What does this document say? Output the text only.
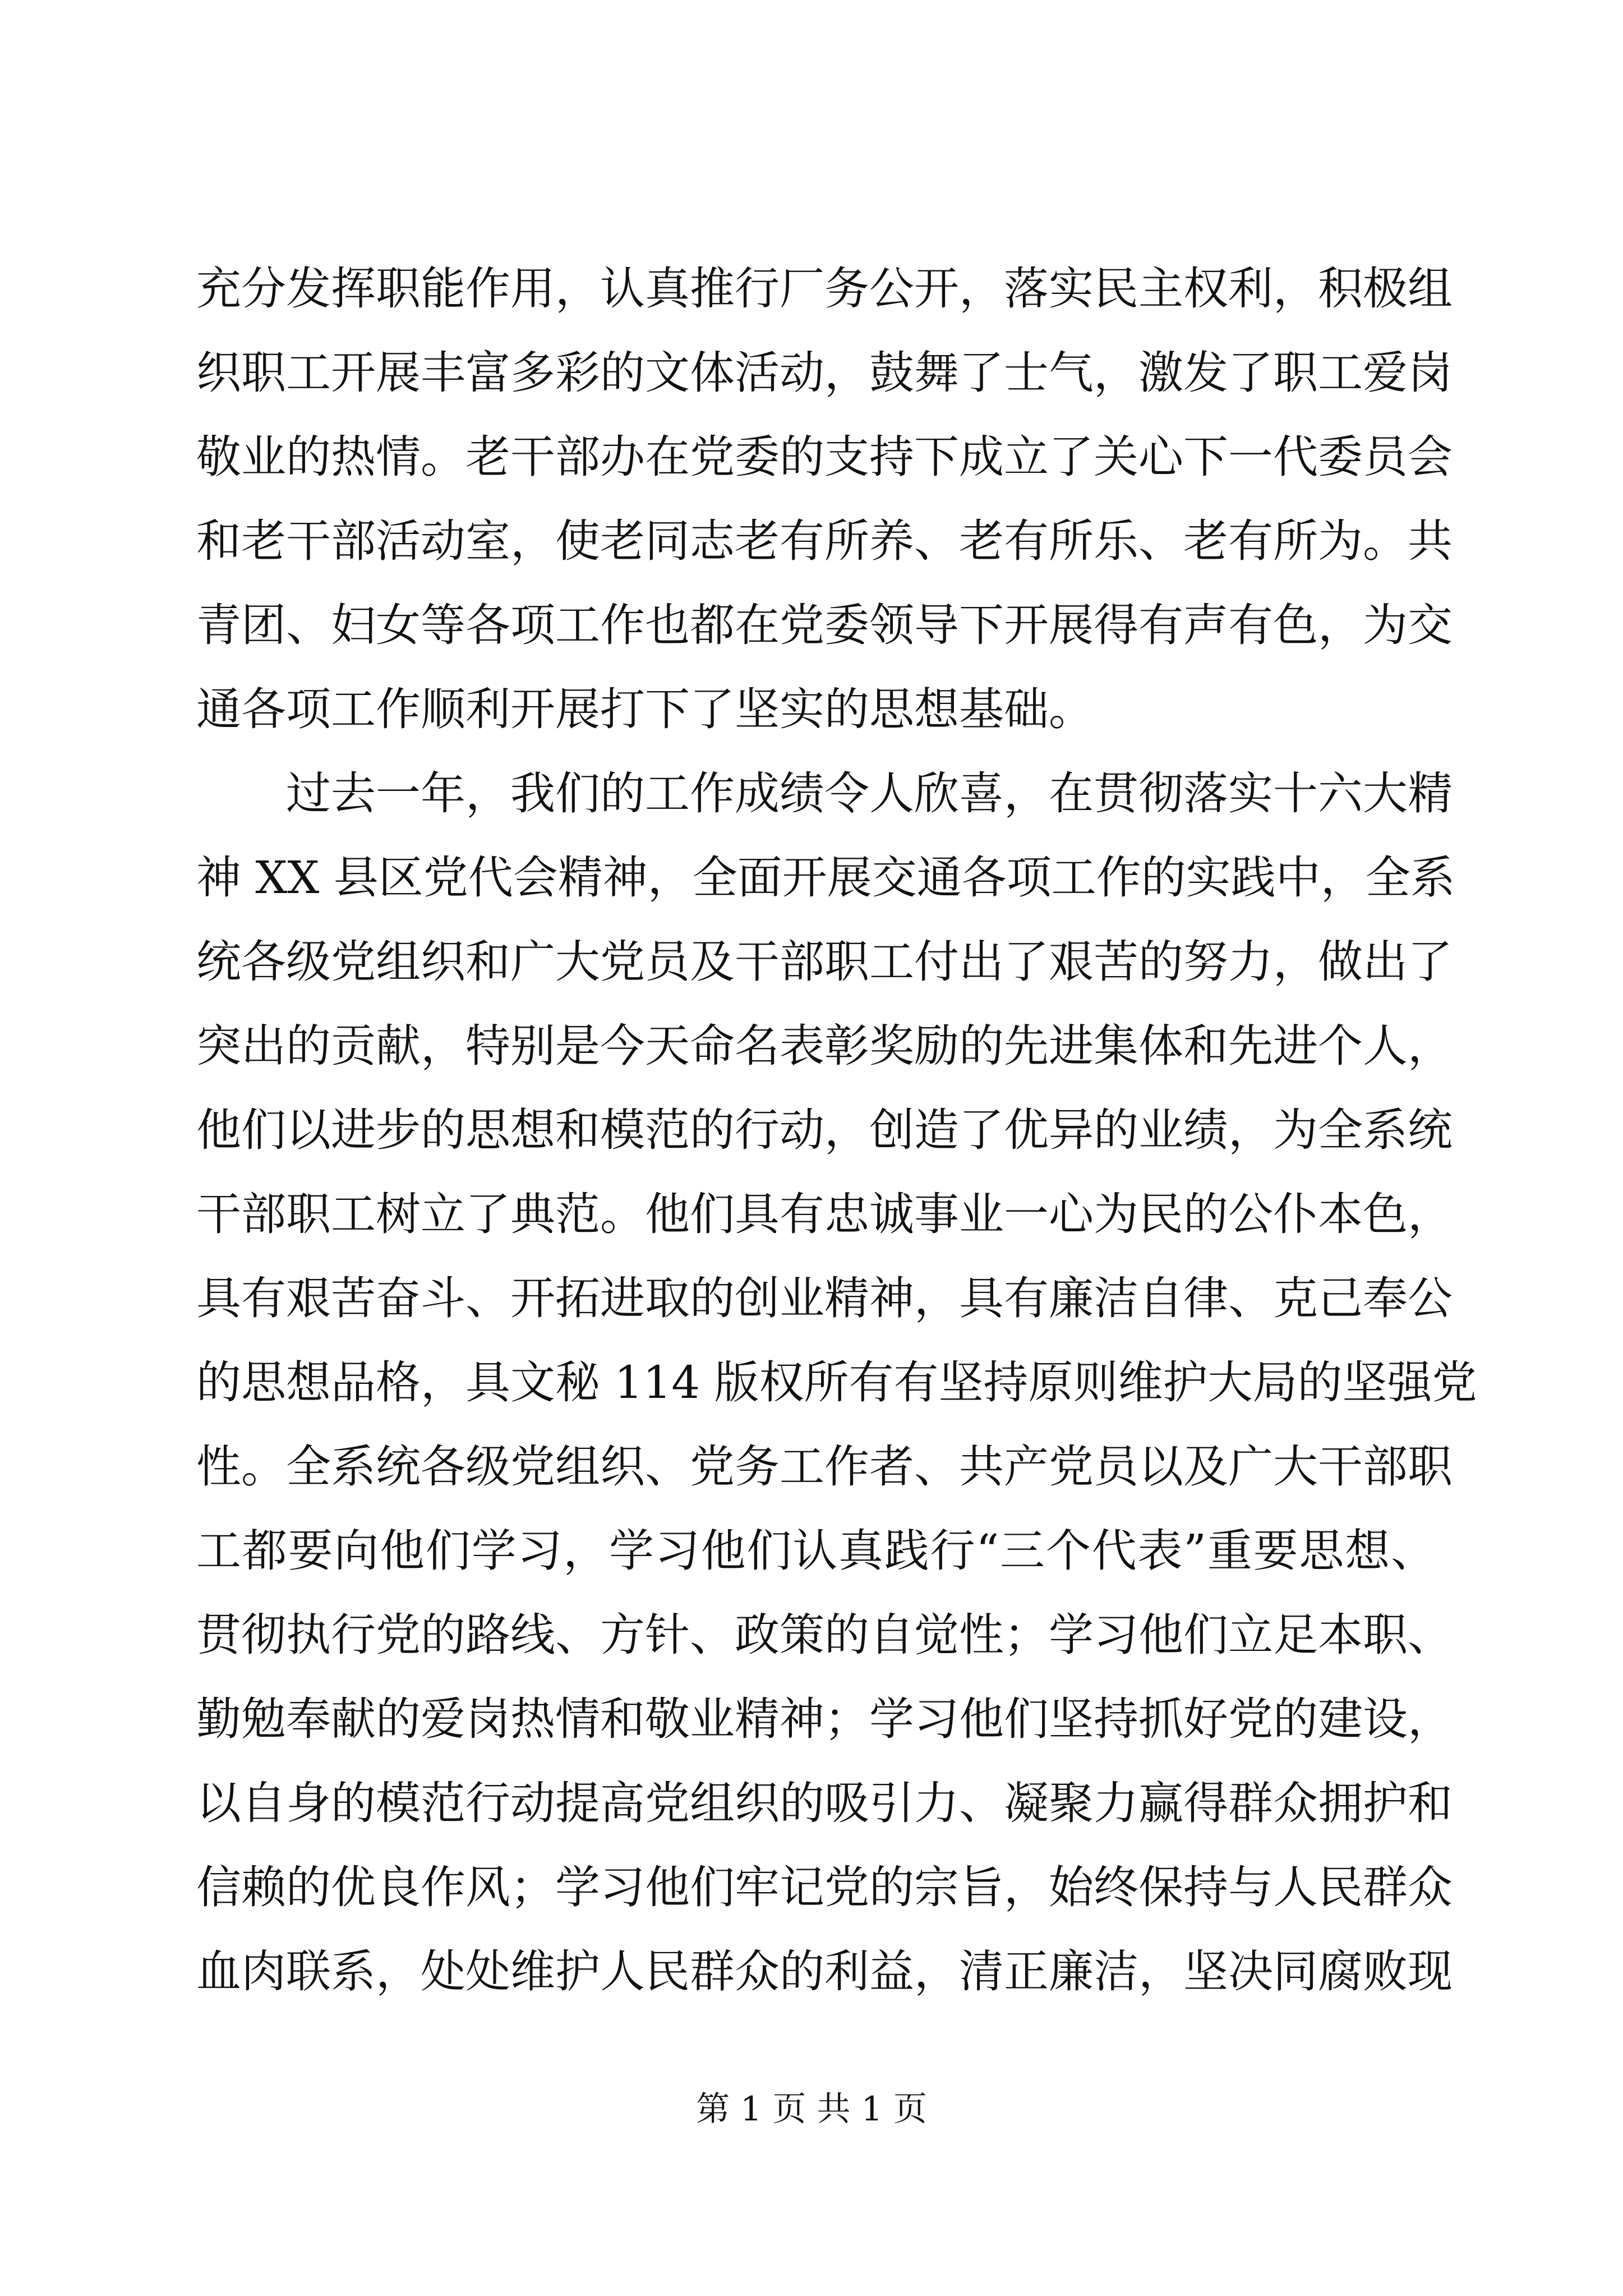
充分发挥职能作用，认真推行厂务公开，落实民主权利，积极组
织职工开展丰富多彩的文体活动，鼓舞了士气，激发了职工爱岗
敬业的热情。老干部办在党委的支持下成立了关心下一代委员会
和老干部活动室，使老同志老有所养、老有所乐、老有所为。共
青团、妇女等各项工作也都在党委领导下开展得有声有色，为交
通各项工作顺利开展打下了坚实的思想基础。
　　过去一年，我们的工作成绩令人欣喜，在贯彻落实十六大精
神 XX 县区党代会精神，全面开展交通各项工作的实践中，全系
统各级党组织和广大党员及干部职工付出了艰苦的努力，做出了
突出的贡献，特别是今天命名表彰奖励的先进集体和先进个人，
他们以进步的思想和模范的行动，创造了优异的业绩，为全系统
干部职工树立了典范。他们具有忠诚事业一心为民的公仆本色，
具有艰苦奋斗、开拓进取的创业精神，具有廉洁自律、克己奉公
的思想品格，具文秘 114 版权所有有坚持原则维护大局的坚强党
性。全系统各级党组织、党务工作者、共产党员以及广大干部职
工都要向他们学习，学习他们认真践行“三个代表”重要思想、
贯彻执行党的路线、方针、政策的自觉性；学习他们立足本职、
勤勉奉献的爱岗热情和敬业精神；学习他们坚持抓好党的建设，
以自身的模范行动提高党组织的吸引力、凝聚力赢得群众拥护和
信赖的优良作风；学习他们牢记党的宗旨，始终保持与人民群众
血肉联系，处处维护人民群众的利益，清正廉洁，坚决同腐败现
第 1 页 共 1 页
